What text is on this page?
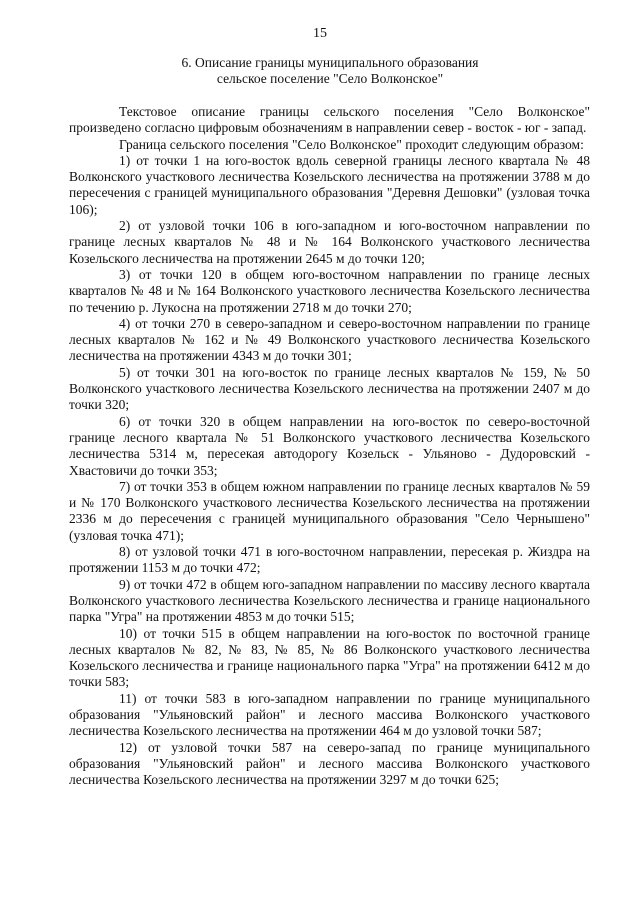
15
6. Описание границы муниципального образования
сельское поселение "Село Волконское"

Текстовое описание границы сельского поселения "Село Волконское" произведено согласно цифровым обозначениям в направлении север - восток - юг - запад.

Граница сельского поселения "Село Волконское" проходит следующим образом:

1) от точки 1 на юго-восток вдоль северной границы лесного квартала № 48 Волконского участкового лесничества Козельского лесничества на протяжении 3788 м до пересечения с границей муниципального образования "Деревня Дешовки" (узловая точка 106);

2) от узловой точки 106 в юго-западном и юго-восточном направлении по границе лесных кварталов № 48 и № 164 Волконского участкового лесничества Козельского лесничества на протяжении 2645 м до точки 120;

3) от точки 120 в общем юго-восточном направлении по границе лесных кварталов № 48 и № 164 Волконского участкового лесничества Козельского лесничества по течению р. Лукосна на протяжении 2718 м до точки 270;

4) от точки 270 в северо-западном и северо-восточном направлении по границе лесных кварталов № 162 и № 49 Волконского участкового лесничества Козельского лесничества на протяжении 4343 м до точки 301;

5) от точки 301 на юго-восток по границе лесных кварталов № 159, № 50 Волконского участкового лесничества Козельского лесничества на протяжении 2407 м до точки 320;

6) от точки 320 в общем направлении на юго-восток по северо-восточной границе лесного квартала № 51 Волконского участкового лесничества Козельского лесничества 5314 м, пересекая автодорогу Козельск - Ульяново - Дудоровский - Хвастовичи до точки 353;

7) от точки 353 в общем южном направлении по границе лесных кварталов № 59 и № 170 Волконского участкового лесничества Козельского лесничества на протяжении 2336 м до пересечения с границей муниципального образования "Село Чернышено" (узловая точка 471);

8) от узловой точки 471 в юго-восточном направлении, пересекая р. Жиздра на протяжении 1153 м до точки 472;

9) от точки 472 в общем юго-западном направлении по массиву лесного квартала Волконского участкового лесничества Козельского лесничества и границе национального парка "Угра" на протяжении 4853 м до точки 515;

10) от точки 515 в общем направлении на юго-восток по восточной границе лесных кварталов № 82, № 83, № 85, № 86 Волконского участкового лесничества Козельского лесничества и границе национального парка "Угра" на протяжении 6412 м до точки 583;

11) от точки 583 в юго-западном направлении по границе муниципального образования "Ульяновский район" и лесного массива Волконского участкового лесничества Козельского лесничества на протяжении 464 м до узловой точки 587;

12) от узловой точки 587 на северо-запад по границе муниципального образования "Ульяновский район" и лесного массива Волконского участкового лесничества Козельского лесничества на протяжении 3297 м до точки 625;
